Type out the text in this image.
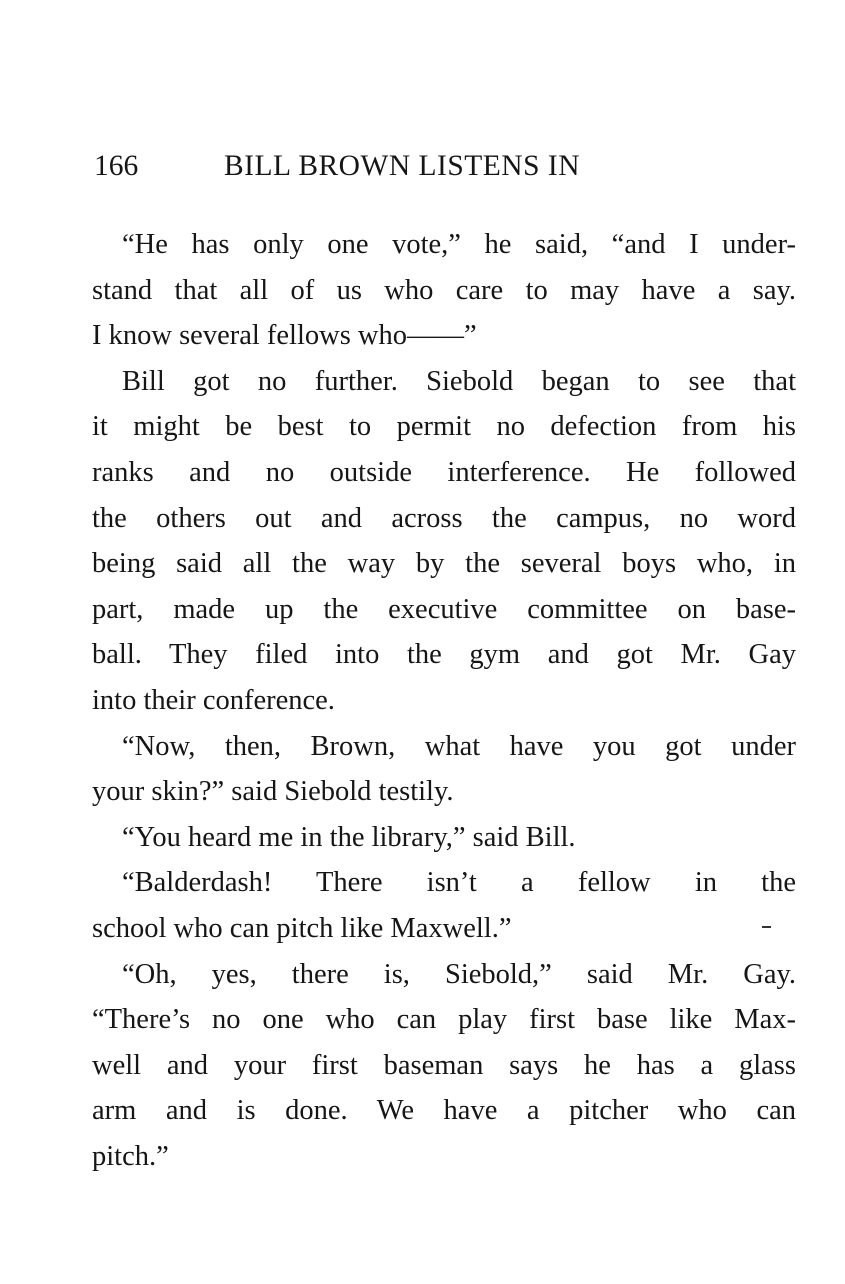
166	BILL BROWN LISTENS IN
“He has only one vote,” he said, “and I under-
stand that all of us who care to may have a say.
I know several fellows who——”
Bill got no further. Siebold began to see that
it might be best to permit no defection from his
ranks and no outside interference. He followed
the others out and across the campus, no word
being said all the way by the several boys who, in
part, made up the executive committee on base-
ball. They filed into the gym and got Mr. Gay
into their conference.
“Now, then, Brown, what have you got under
your skin?” said Siebold testily.
“You heard me in the library,” said Bill.
“Balderdash! There isn’t a fellow in the
school who can pitch like Maxwell.”
“Oh, yes, there is, Siebold,” said Mr. Gay.
“There’s no one who can play first base like Max-
well and your first baseman says he has a glass
arm and is done. We have a pitcher who can
pitch.”
